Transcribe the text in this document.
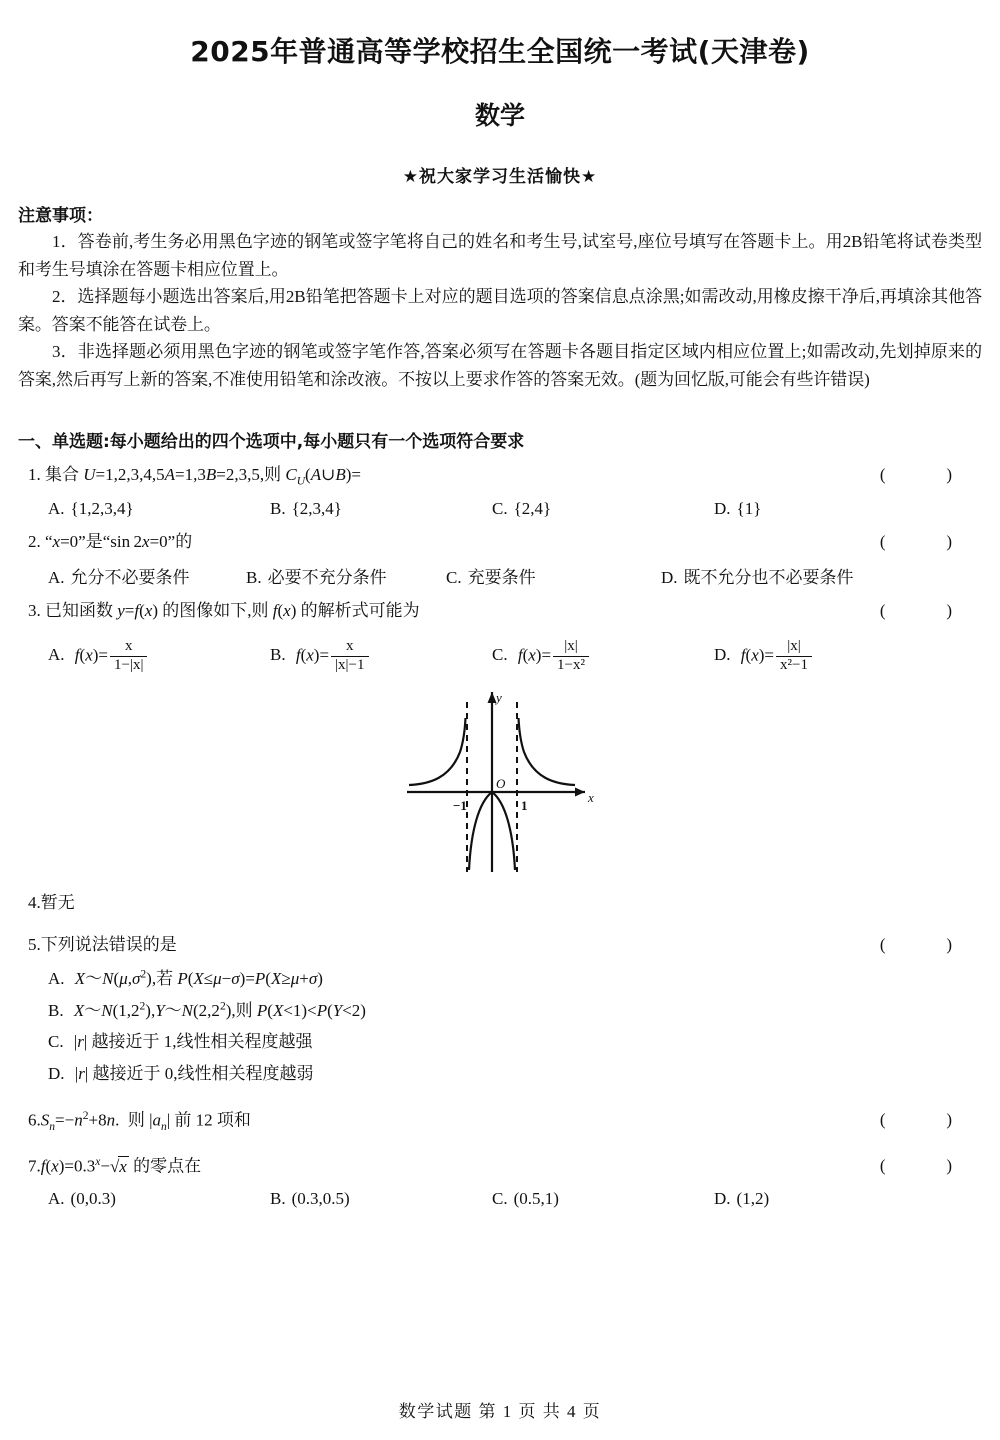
2025年普通高等学校招生全国统一考试(天津卷)
数学
★祝大家学习生活愉快★
注意事项：
1．答卷前,考生务必用黑色字迹的钢笔或签字笔将自己的姓名和考生号,试室号,座位号填写在答题卡上。用2B铅笔将试卷类型和考生号填涂在答题卡相应位置上。
2．选择题每小题选出答案后,用2B铅笔把答题卡上对应的题目选项的答案信息点涂黑;如需改动,用橡皮擦干净后,再填涂其他答案。答案不能答在试卷上。
3．非选择题必须用黑色字迹的钢笔或签字笔作答,答案必须写在答题卡各题目指定区域内相应位置上;如需改动,先划掉原来的答案,然后再写上新的答案,不准使用铅笔和涂改液。不按以上要求作答的答案无效。(题为回忆版,可能会有些许错误)
一、单选题:每小题给出的四个选项中,每小题只有一个选项符合要求
1. 集合 U=1,2,3,4,5A=1,3B=2,3,5,则 $C_U(A\cup B)=$	(   )
A. {1,2,3,4}	B. {2,3,4}	C. {2,4}	D. {1}
2. “x=0”是“sin 2x=0”的	(   )
A. 允分不必要条件	B. 必要不充分条件	C. 充要条件	D. 既不允分也不必要条件
3. 已知函数 y=f(x) 的图像如下,则 f(x) 的解析式可能为	(   )
A. $f(x)= \frac{x}{1-|x|}$	B. $f(x)= \frac{x}{|x|-1}$	C. $f(x)= \frac{|x|}{\text{1−x²}}$	D. $f(x)= \frac{|x|}{\text{x²−1}}$
x
y
O
−1	1
4.暂无
5.下列说法错误的是	(   )
A. $X\sim N(\mu,\sigma^2)$,若 P(X≤μ−σ)=P(X≥μ+σ)
B. $X\sim N(1,2^2),Y\sim N(2,2^2)$,则 P(X<1)<P(Y<2)
C. |r| 越接近于 1,线性相关程度越强
D. |r| 越接近于 0,线性相关程度越弱
$6.S_n=-n^2+8n$.  则 $|a_n|$ 前 12 项和	(   )
$7.f(x)=0.3^x-√x$ 的零点在	(   )
A. (0,0.3)	B. (0.3,0.5)	C. (0.5,1)	D. (1,2)
数学试题 第 1 页 共 4 页
